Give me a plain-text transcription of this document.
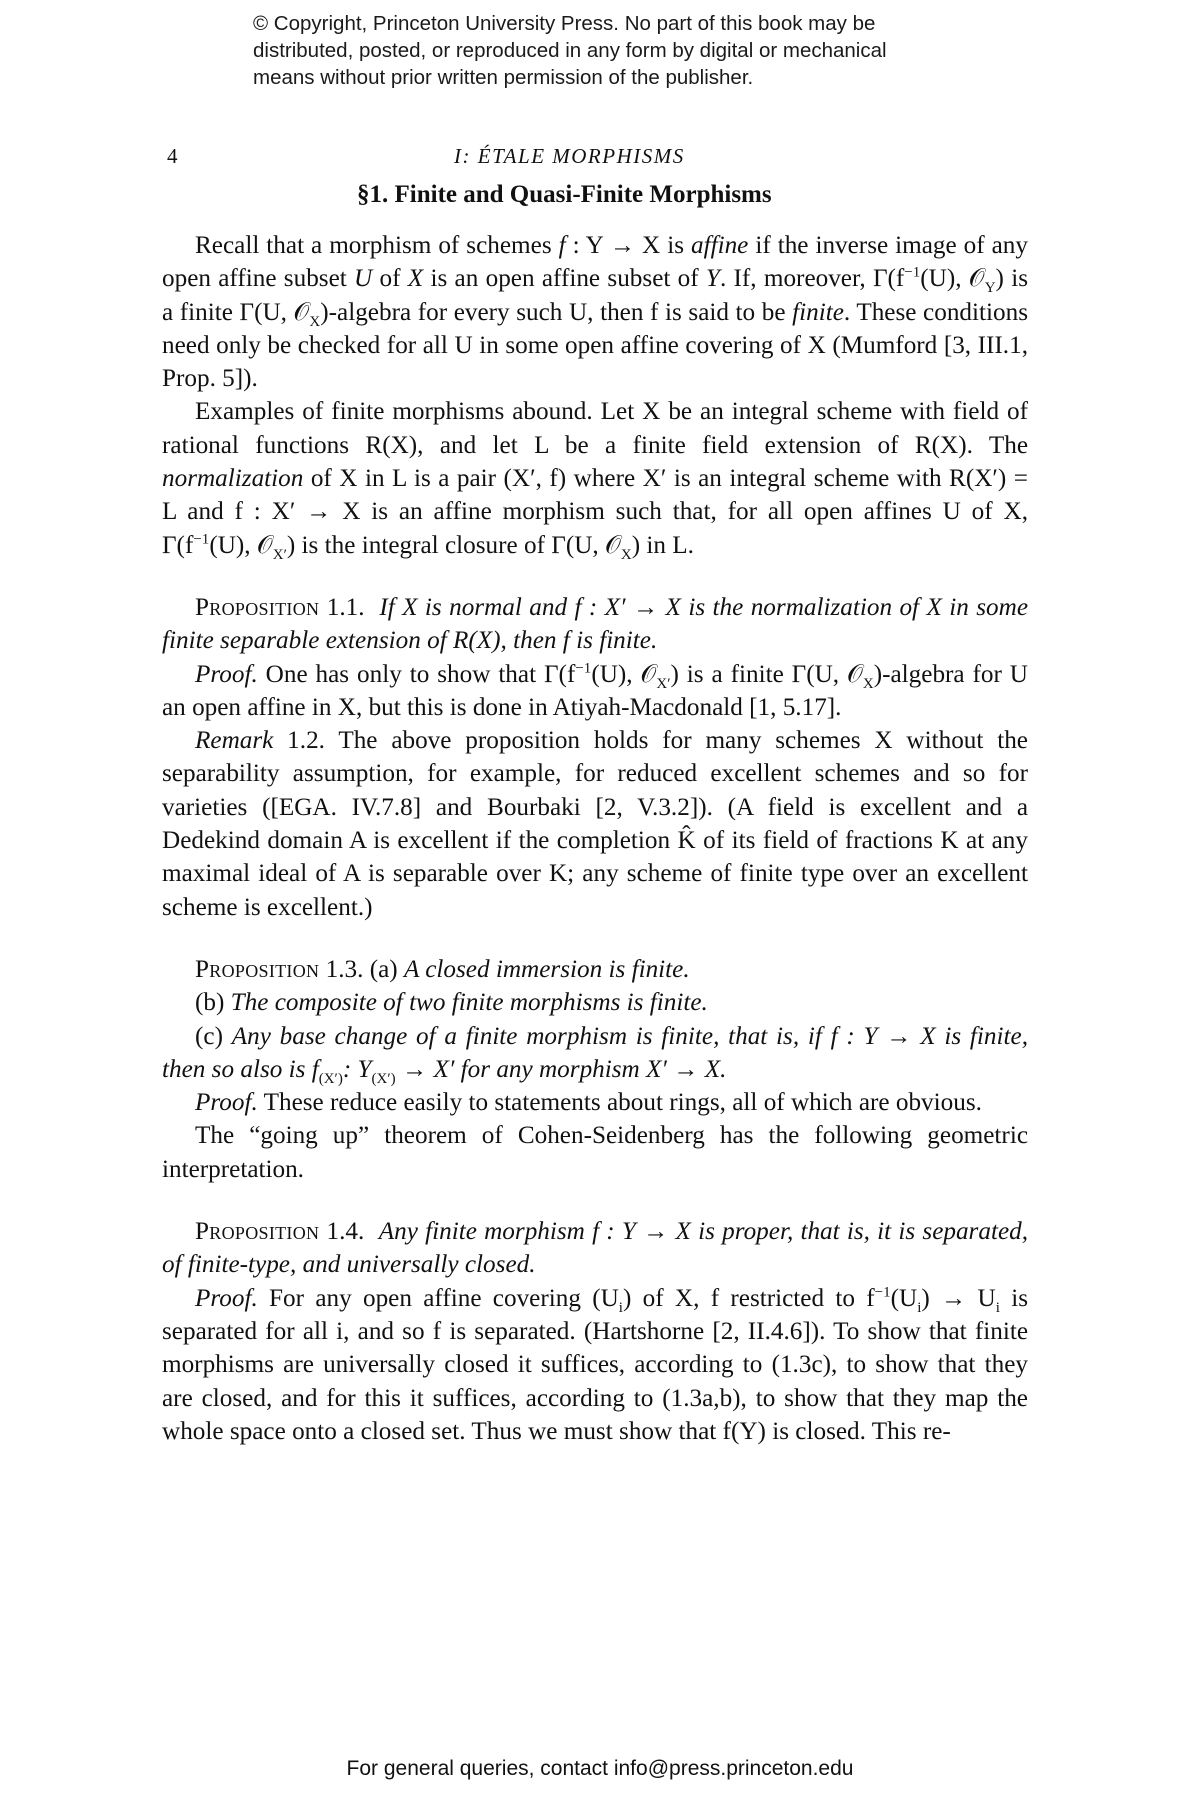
© Copyright, Princeton University Press. No part of this book may be
distributed, posted, or reproduced in any form by digital or mechanical
means without prior written permission of the publisher.
4	I: ÉTALE MORPHISMS
§1. Finite and Quasi-Finite Morphisms

Recall that a morphism of schemes f : Y → X is affine if the inverse image of any open affine subset U of X is an open affine subset of Y. If, moreover, $\Gamma(f^{-1}(U)$, 𝒪$_Y$) is a finite Γ(U, 𝒪$_X$)-algebra for every such U, then f is said to be finite. These conditions need only be checked for all U in some open affine covering of X (Mumford [3, III.1, Prop. 5]).

Examples of finite morphisms abound. Let X be an integral scheme with field of rational functions R(X), and let L be a finite field extension of R(X). The normalization of X in L is a pair (X′, f) where X′ is an integral scheme with R(X′) = L and f : X′ → X is an affine morphism such that, for all open affines U of X, $\Gamma(f^{-1}(U)$, 𝒪$_{X'}$) is the integral closure of Γ(U, 𝒪$_X$) in L.

Proposition 1.1. If X is normal and f : X′ → X is the normalization of X in some finite separable extension of R(X), then f is finite.

Proof. One has only to show that $\Gamma(f^{-1}(U)$, 𝒪$_{X'}$) is a finite Γ(U, 𝒪$_X$)-algebra for U an open affine in X, but this is done in Atiyah-Macdonald [1, 5.17].

Remark 1.2. The above proposition holds for many schemes X without the separability assumption, for example, for reduced excellent schemes and so for varieties ([EGA. IV.7.8] and Bourbaki [2, V.3.2]). (A field is excellent and a Dedekind domain A is excellent if the completion K̂ of its field of fractions K at any maximal ideal of A is separable over K; any scheme of finite type over an excellent scheme is excellent.)

Proposition 1.3. (a) A closed immersion is finite.

(b) The composite of two finite morphisms is finite.

(c) Any base change of a finite morphism is finite, that is, if f : Y → X is finite, then so also is $f_{(X')}$: $Y_{(X')} \to X'$ for any morphism X′ → X.

Proof. These reduce easily to statements about rings, all of which are obvious.

The “going up” theorem of Cohen-Seidenberg has the following geometric interpretation.

Proposition 1.4. Any finite morphism f : Y → X is proper, that is, it is separated, of finite-type, and universally closed.

Proof. For any open affine covering $(U_i)$ of X, f restricted to $f^{-1}(U_i) \to U_i$ is separated for all i, and so f is separated. (Hartshorne [2, II.4.6]). To show that finite morphisms are universally closed it suffices, according to (1.3c), to show that they are closed, and for this it suffices, according to (1.3a,b), to show that they map the whole space onto a closed set. Thus we must show that f(Y) is closed. This re-

For general queries, contact info@press.princeton.edu
